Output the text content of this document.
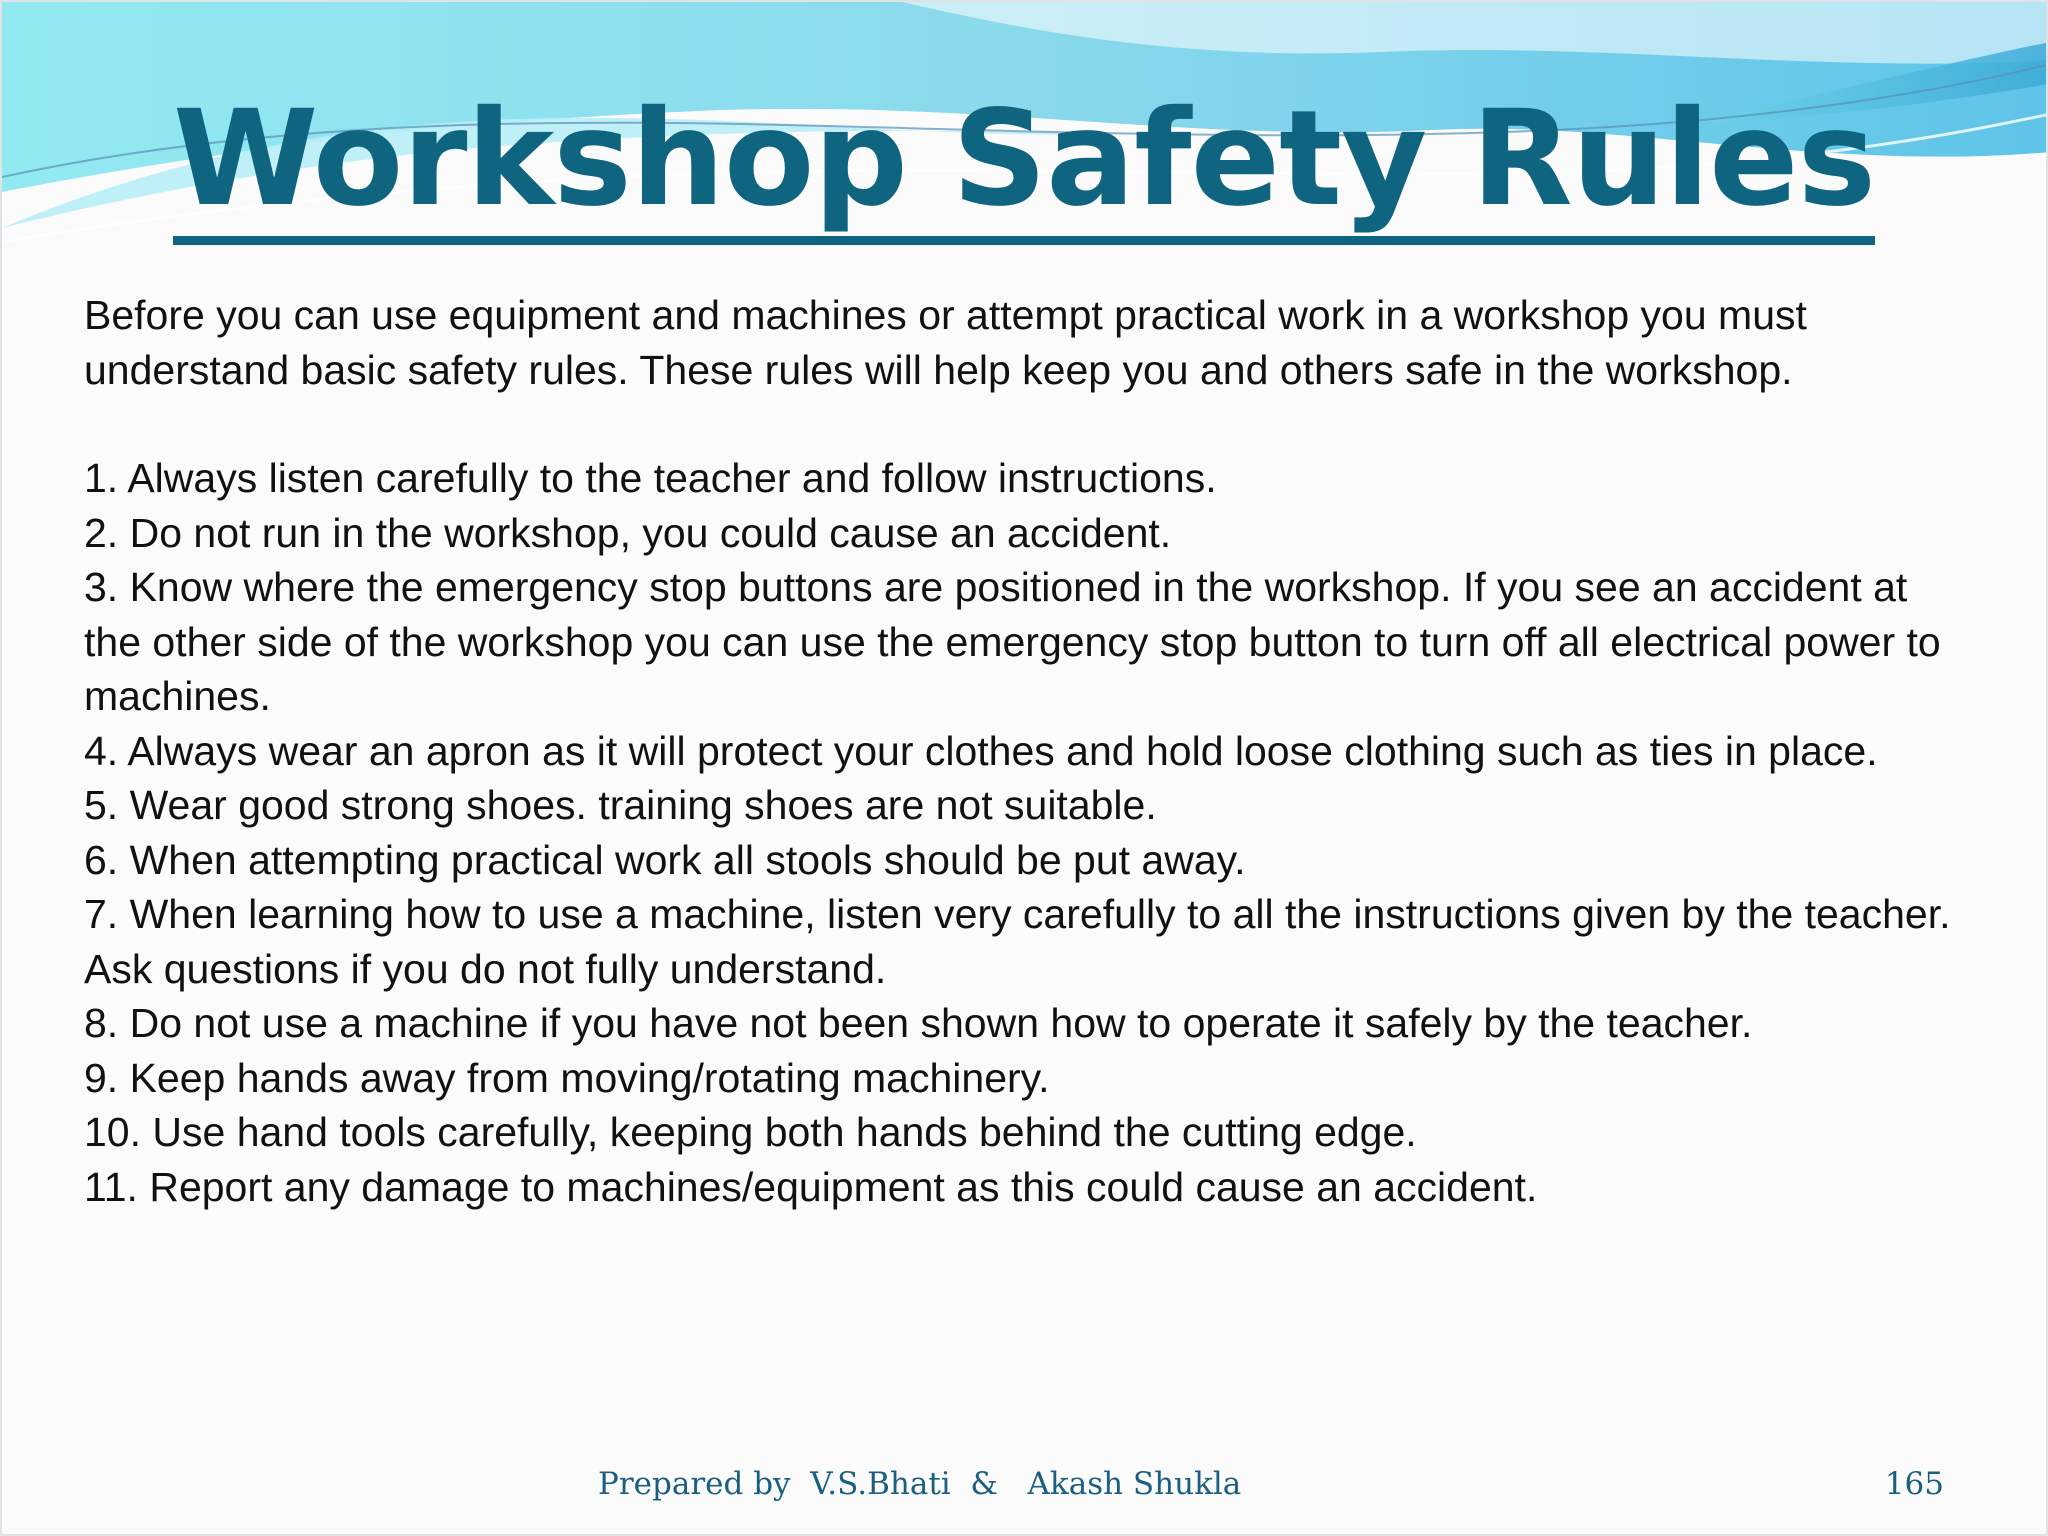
Workshop Safety Rules

Before you can use equipment and machines or attempt practical work in a workshop you must understand basic safety rules. These rules will help keep you and others safe in the workshop.

1. Always listen carefully to the teacher and follow instructions.
2. Do not run in the workshop, you could cause an accident.
3. Know where the emergency stop buttons are positioned in the workshop. If you see an accident at the other side of the workshop you can use the emergency stop button to turn off all electrical power to machines.
4. Always wear an apron as it will protect your clothes and hold loose clothing such as ties in place.
5. Wear good strong shoes. training shoes are not suitable.
6. When attempting practical work all stools should be put away.
7. When learning how to use a machine, listen very carefully to all the instructions given by the teacher. Ask questions if you do not fully understand.
8. Do not use a machine if you have not been shown how to operate it safely by the teacher.
9. Keep hands away from moving/rotating machinery.
10. Use hand tools carefully, keeping both hands behind the cutting edge.
11. Report any damage to machines/equipment as this could cause an accident.
Prepared by  V.S.Bhati  &   Akash Shukla	165
